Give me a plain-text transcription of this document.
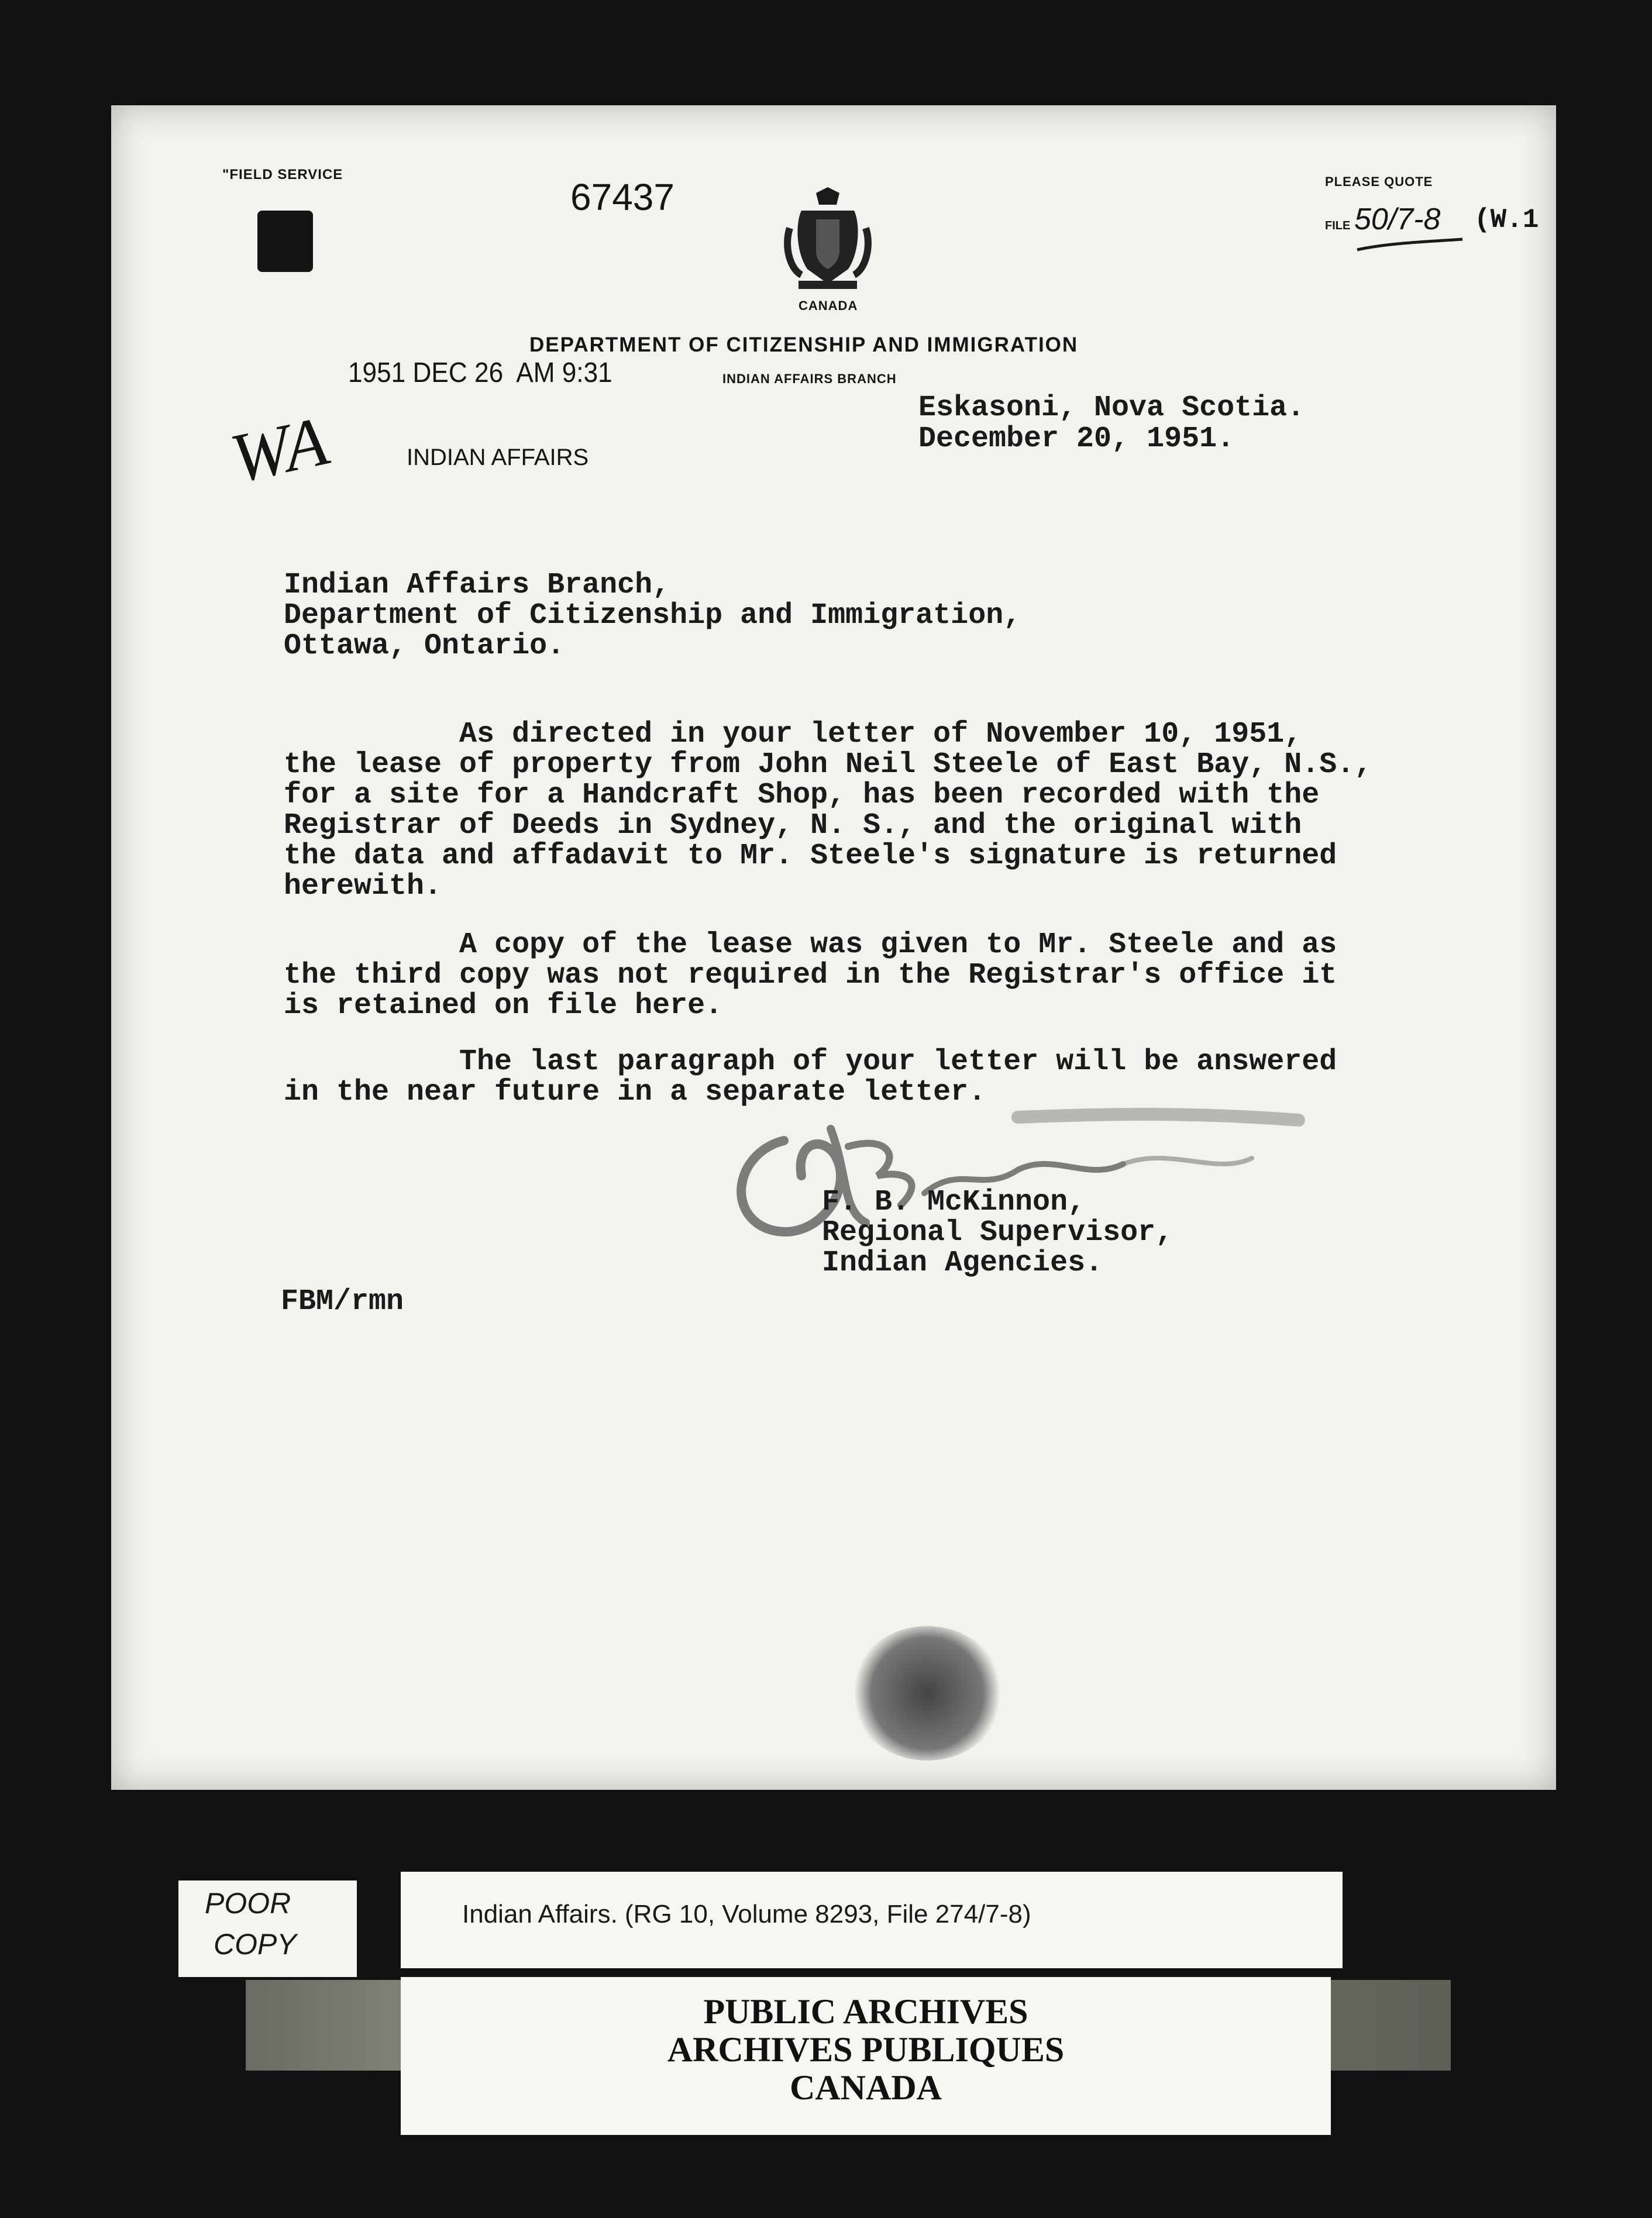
"FIELD SERVICE
67437
CANADA
PLEASE QUOTE
FILE 50/7-8 (W.1
DEPARTMENT OF CITIZENSHIP AND IMMIGRATION
INDIAN AFFAIRS BRANCH
1951 DEC 26  AM 9:31
INDIAN AFFAIRS
WA	Eskasoni, Nova Scotia.
December 20, 1951.
Indian Affairs Branch,
Department of Citizenship and Immigration,
Ottawa, Ontario.
As directed in your letter of November 10, 1951,
the lease of property from John Neil Steele of East Bay, N.S.,
for a site for a Handcraft Shop, has been recorded with the
Registrar of Deeds in Sydney, N. S., and the original with
the data and affadavit to Mr. Steele's signature is returned
herewith.
A copy of the lease was given to Mr. Steele and as
the third copy was not required in the Registrar's office it
is retained on file here.
The last paragraph of your letter will be answered
in the near future in a separate letter.
F. B. McKinnon,
Regional Supervisor,
Indian Agencies.
FBM/rmn
POOR
COPY
Indian Affairs. (RG 10, Volume 8293, File 274/7-8)
PUBLIC ARCHIVES
ARCHIVES PUBLIQUES
CANADA
